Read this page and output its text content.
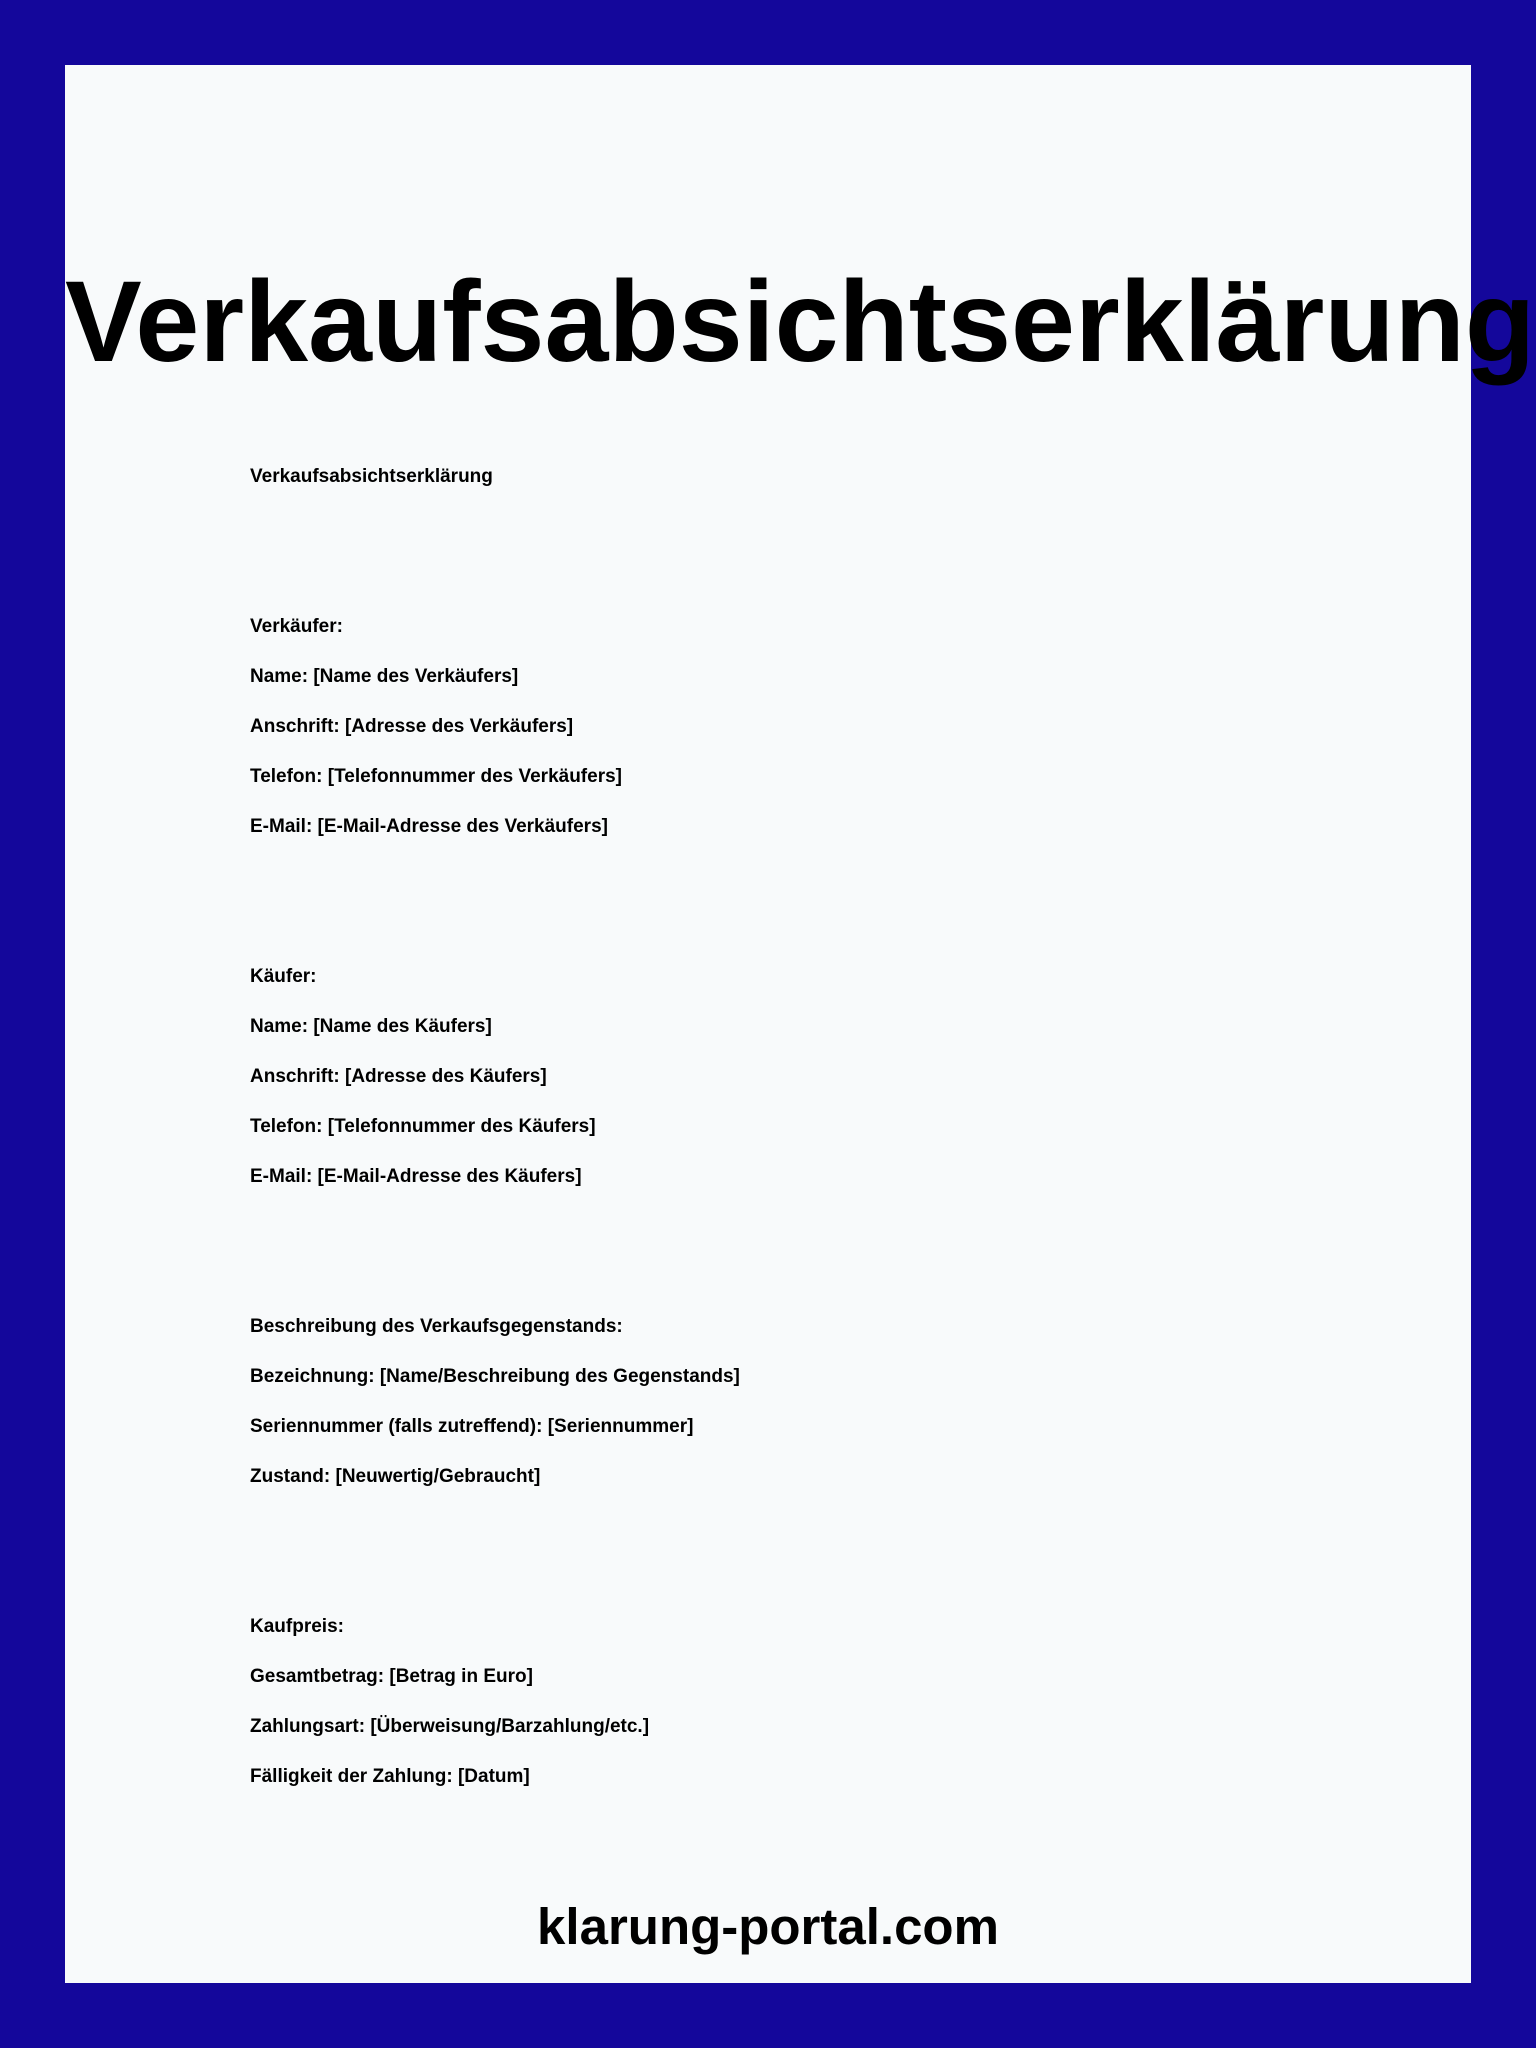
Verkaufsabsichtserklärung
Verkaufsabsichtserklärung
Verkäufer:
Name: [Name des Verkäufers]
Anschrift: [Adresse des Verkäufers]
Telefon: [Telefonnummer des Verkäufers]
E-Mail: [E-Mail-Adresse des Verkäufers]
Käufer:
Name: [Name des Käufers]
Anschrift: [Adresse des Käufers]
Telefon: [Telefonnummer des Käufers]
E-Mail: [E-Mail-Adresse des Käufers]
Beschreibung des Verkaufsgegenstands:
Bezeichnung: [Name/Beschreibung des Gegenstands]
Seriennummer (falls zutreffend): [Seriennummer]
Zustand: [Neuwertig/Gebraucht]
Kaufpreis:
Gesamtbetrag: [Betrag in Euro]
Zahlungsart: [Überweisung/Barzahlung/etc.]
Fälligkeit der Zahlung: [Datum]
klarung-portal.com
